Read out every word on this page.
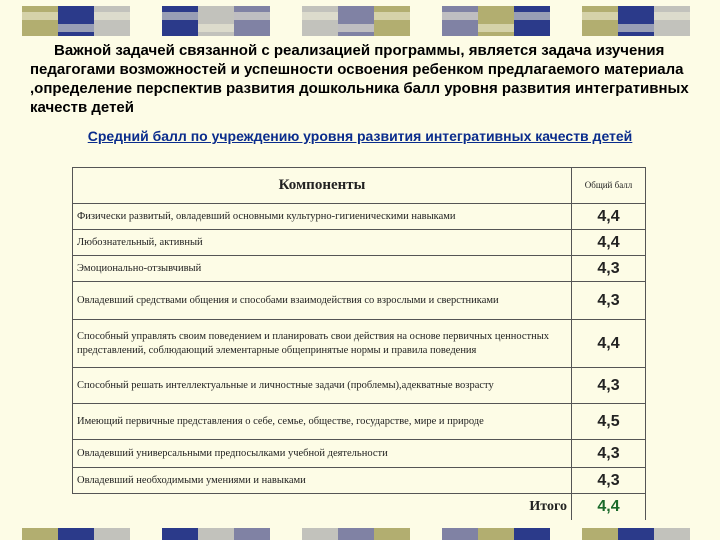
Важной задачей связанной с реализацией программы, является задача изучения педагогами возможностей и успешности освоения ребенком предлагаемого материала ,определение перспектив развития дошкольника балл уровня развития интегративных качеств детей
Средний балл по учреждению уровня развития интегративных качеств детей
Компоненты	Общий балл
Физически развитый, овладевший основными культурно-гигиеническими навыками	4,4
Любознательный, активный	4,4
Эмоционально-отзывчивый	4,3
Овладевший средствами общения и способами взаимодействия со взрослыми и сверстниками	4,3
Способный управлять своим поведением и планировать свои действия на основе первичных ценностных представлений, соблюдающий элементарные общепринятые нормы и правила поведения	4,4
Способный решать интеллектуальные и личностные задачи (проблемы),адекватные возрасту	4,3
Имеющий первичные представления о себе, семье, обществе, государстве, мире и природе	4,5
Овладевший универсальными предпосылками учебной деятельности	4,3
Овладевший необходимыми умениями и навыками	4,3
Итого	4,4
